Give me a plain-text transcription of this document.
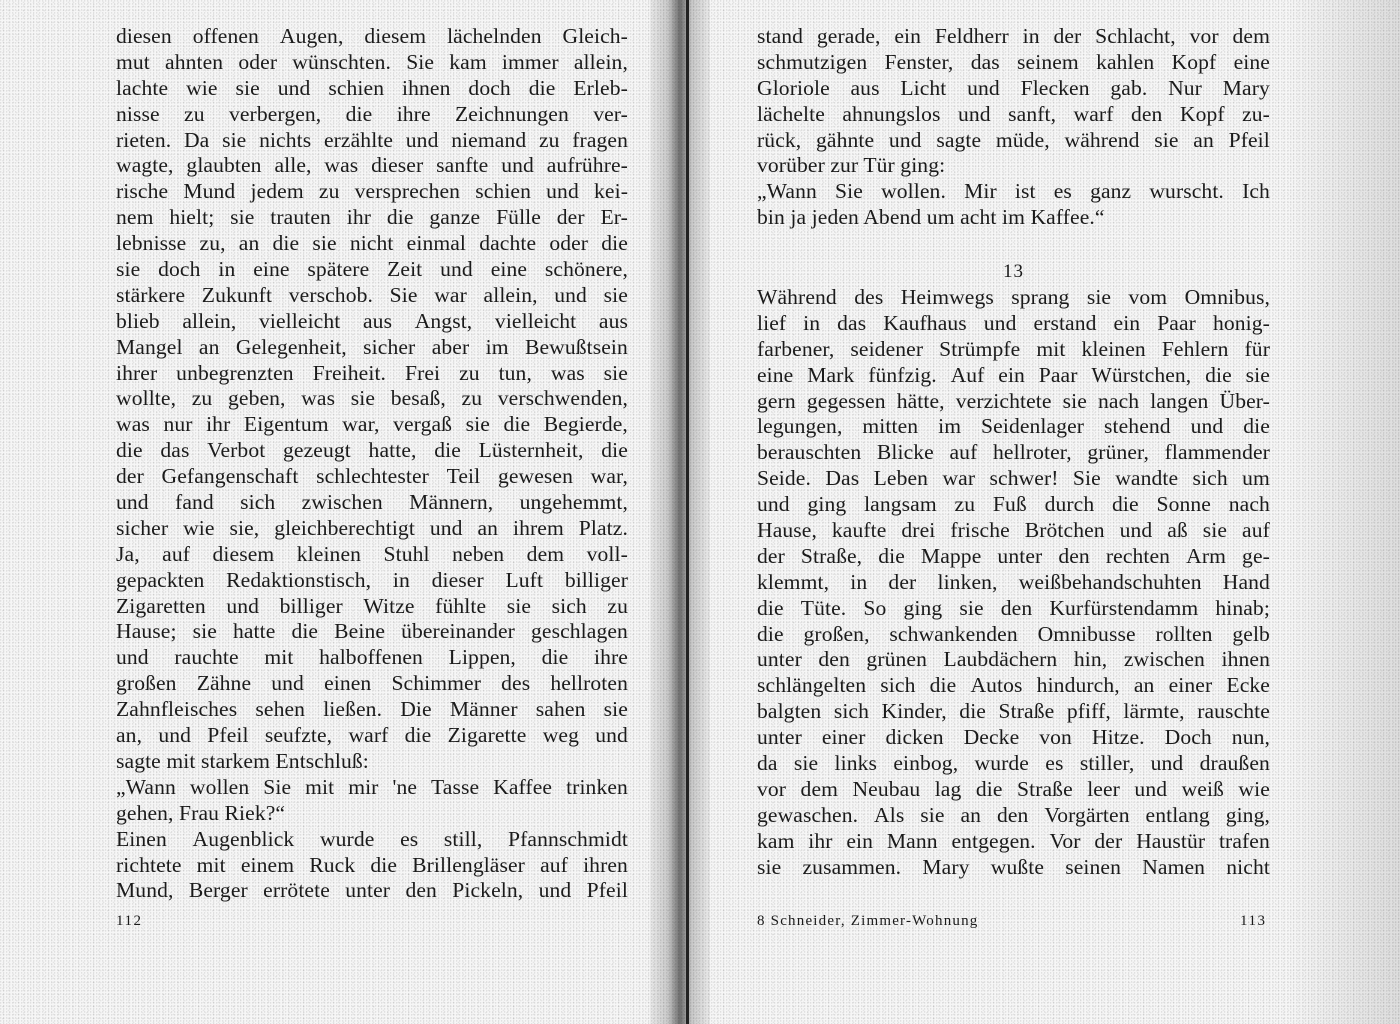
diesen offenen Augen, diesem lächelnden Gleich-
mut ahnten oder wünschten. Sie kam immer allein,
lachte wie sie und schien ihnen doch die Erleb-
nisse zu verbergen, die ihre Zeichnungen ver-
rieten. Da sie nichts erzählte und niemand zu fragen
wagte, glaubten alle, was dieser sanfte und aufrühre-
rische Mund jedem zu versprechen schien und kei-
nem hielt; sie trauten ihr die ganze Fülle der Er-
lebnisse zu, an die sie nicht einmal dachte oder die
sie doch in eine spätere Zeit und eine schönere,
stärkere Zukunft verschob. Sie war allein, und sie
blieb allein, vielleicht aus Angst, vielleicht aus
Mangel an Gelegenheit, sicher aber im Bewußtsein
ihrer unbegrenzten Freiheit. Frei zu tun, was sie
wollte, zu geben, was sie besaß, zu verschwenden,
was nur ihr Eigentum war, vergaß sie die Begierde,
die das Verbot gezeugt hatte, die Lüsternheit, die
der Gefangenschaft schlechtester Teil gewesen war,
und fand sich zwischen Männern, ungehemmt,
sicher wie sie, gleichberechtigt und an ihrem Platz.
Ja, auf diesem kleinen Stuhl neben dem voll-
gepackten Redaktionstisch, in dieser Luft billiger
Zigaretten und billiger Witze fühlte sie sich zu
Hause; sie hatte die Beine übereinander geschlagen
und rauchte mit halboffenen Lippen, die ihre
großen Zähne und einen Schimmer des hellroten
Zahnfleisches sehen ließen. Die Männer sahen sie
an, und Pfeil seufzte, warf die Zigarette weg und
sagte mit starkem Entschluß:
„Wann wollen Sie mit mir 'ne Tasse Kaffee trinken
gehen, Frau Riek?“
Einen Augenblick wurde es still, Pfannschmidt
richtete mit einem Ruck die Brillengläser auf ihren
Mund, Berger errötete unter den Pickeln, und Pfeil
stand gerade, ein Feldherr in der Schlacht, vor dem
schmutzigen Fenster, das seinem kahlen Kopf eine
Gloriole aus Licht und Flecken gab. Nur Mary
lächelte ahnungslos und sanft, warf den Kopf zu-
rück, gähnte und sagte müde, während sie an Pfeil
vorüber zur Tür ging:
„Wann Sie wollen. Mir ist es ganz wurscht. Ich
bin ja jeden Abend um acht im Kaffee.“
13
Während des Heimwegs sprang sie vom Omnibus,
lief in das Kaufhaus und erstand ein Paar honig-
farbener, seidener Strümpfe mit kleinen Fehlern für
eine Mark fünfzig. Auf ein Paar Würstchen, die sie
gern gegessen hätte, verzichtete sie nach langen Über-
legungen, mitten im Seidenlager stehend und die
berauschten Blicke auf hellroter, grüner, flammender
Seide. Das Leben war schwer! Sie wandte sich um
und ging langsam zu Fuß durch die Sonne nach
Hause, kaufte drei frische Brötchen und aß sie auf
der Straße, die Mappe unter den rechten Arm ge-
klemmt, in der linken, weißbehandschuhten Hand
die Tüte. So ging sie den Kurfürstendamm hinab;
die großen, schwankenden Omnibusse rollten gelb
unter den grünen Laubdächern hin, zwischen ihnen
schlängelten sich die Autos hindurch, an einer Ecke
balgten sich Kinder, die Straße pfiff, lärmte, rauschte
unter einer dicken Decke von Hitze. Doch nun,
da sie links einbog, wurde es stiller, und draußen
vor dem Neubau lag die Straße leer und weiß wie
gewaschen. Als sie an den Vorgärten entlang ging,
kam ihr ein Mann entgegen. Vor der Haustür trafen
sie zusammen. Mary wußte seinen Namen nicht
112	8 Schneider, Zimmer-Wohnung	113
